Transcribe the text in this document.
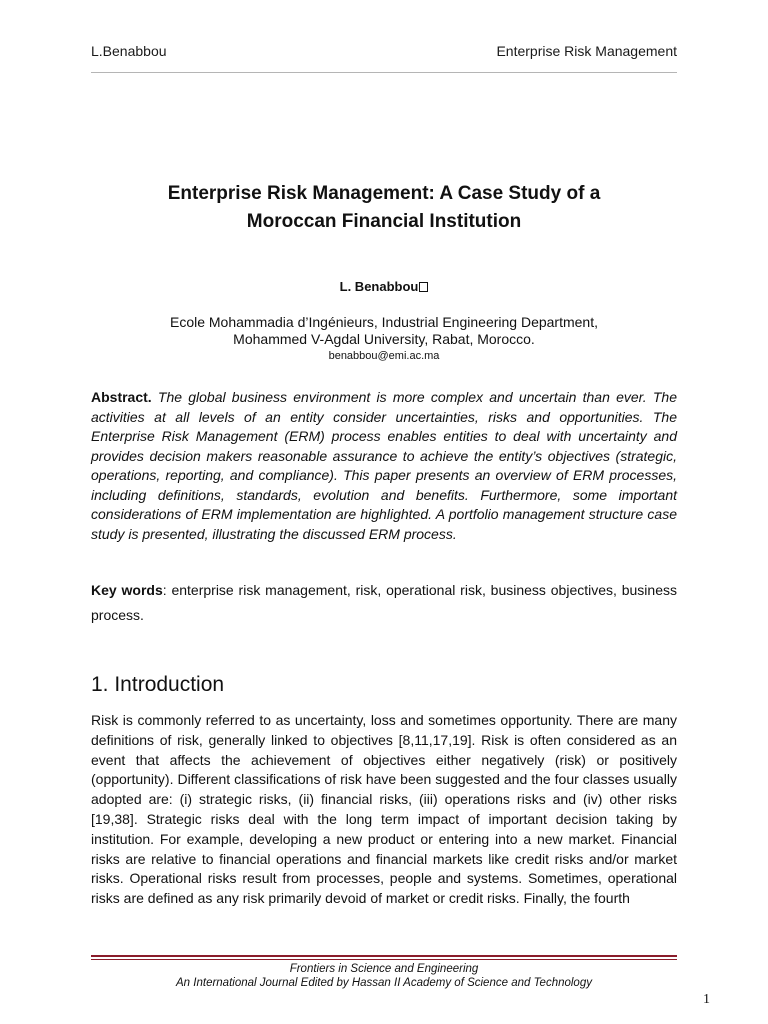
L.Benabbou	Enterprise Risk Management
Enterprise Risk Management: A Case Study of a
Moroccan Financial Institution
L. Benabbou
Ecole Mohammadia d’Ingénieurs, Industrial Engineering Department,
Mohammed V-Agdal University, Rabat, Morocco.
benabbou@emi.ac.ma

Abstract. The global business environment is more complex and uncertain than ever. The activities at all levels of an entity consider uncertainties, risks and opportunities. The Enterprise Risk Management (ERM) process enables entities to deal with uncertainty and provides decision makers reasonable assurance to achieve the entity’s objectives (strategic, operations, reporting, and compliance). This paper presents an overview of ERM processes, including definitions, standards, evolution and benefits. Furthermore, some important considerations of ERM implementation are highlighted. A portfolio management structure case study is presented, illustrating the discussed ERM process.

Key words: enterprise risk management, risk, operational risk, business objectives, business process.

1. Introduction

Risk is commonly referred to as uncertainty, loss and sometimes opportunity. There are many definitions of risk, generally linked to objectives [8,11,17,19]. Risk is often considered as an event that affects the achievement of objectives either negatively (risk) or positively (opportunity). Different classifications of risk have been suggested and the four classes usually adopted are: (i) strategic risks, (ii) financial risks, (iii) operations risks and (iv) other risks [19,38]. Strategic risks deal with the long term impact of important decision taking by institution. For example, developing a new product or entering into a new market. Financial risks are relative to financial operations and financial markets like credit risks and/or market risks. Operational risks result from processes, people and systems. Sometimes, operational risks are defined as any risk primarily devoid of market or credit risks. Finally, the fourth

Frontiers in Science and Engineering
An International Journal Edited by Hassan II Academy of Science and Technology
1
